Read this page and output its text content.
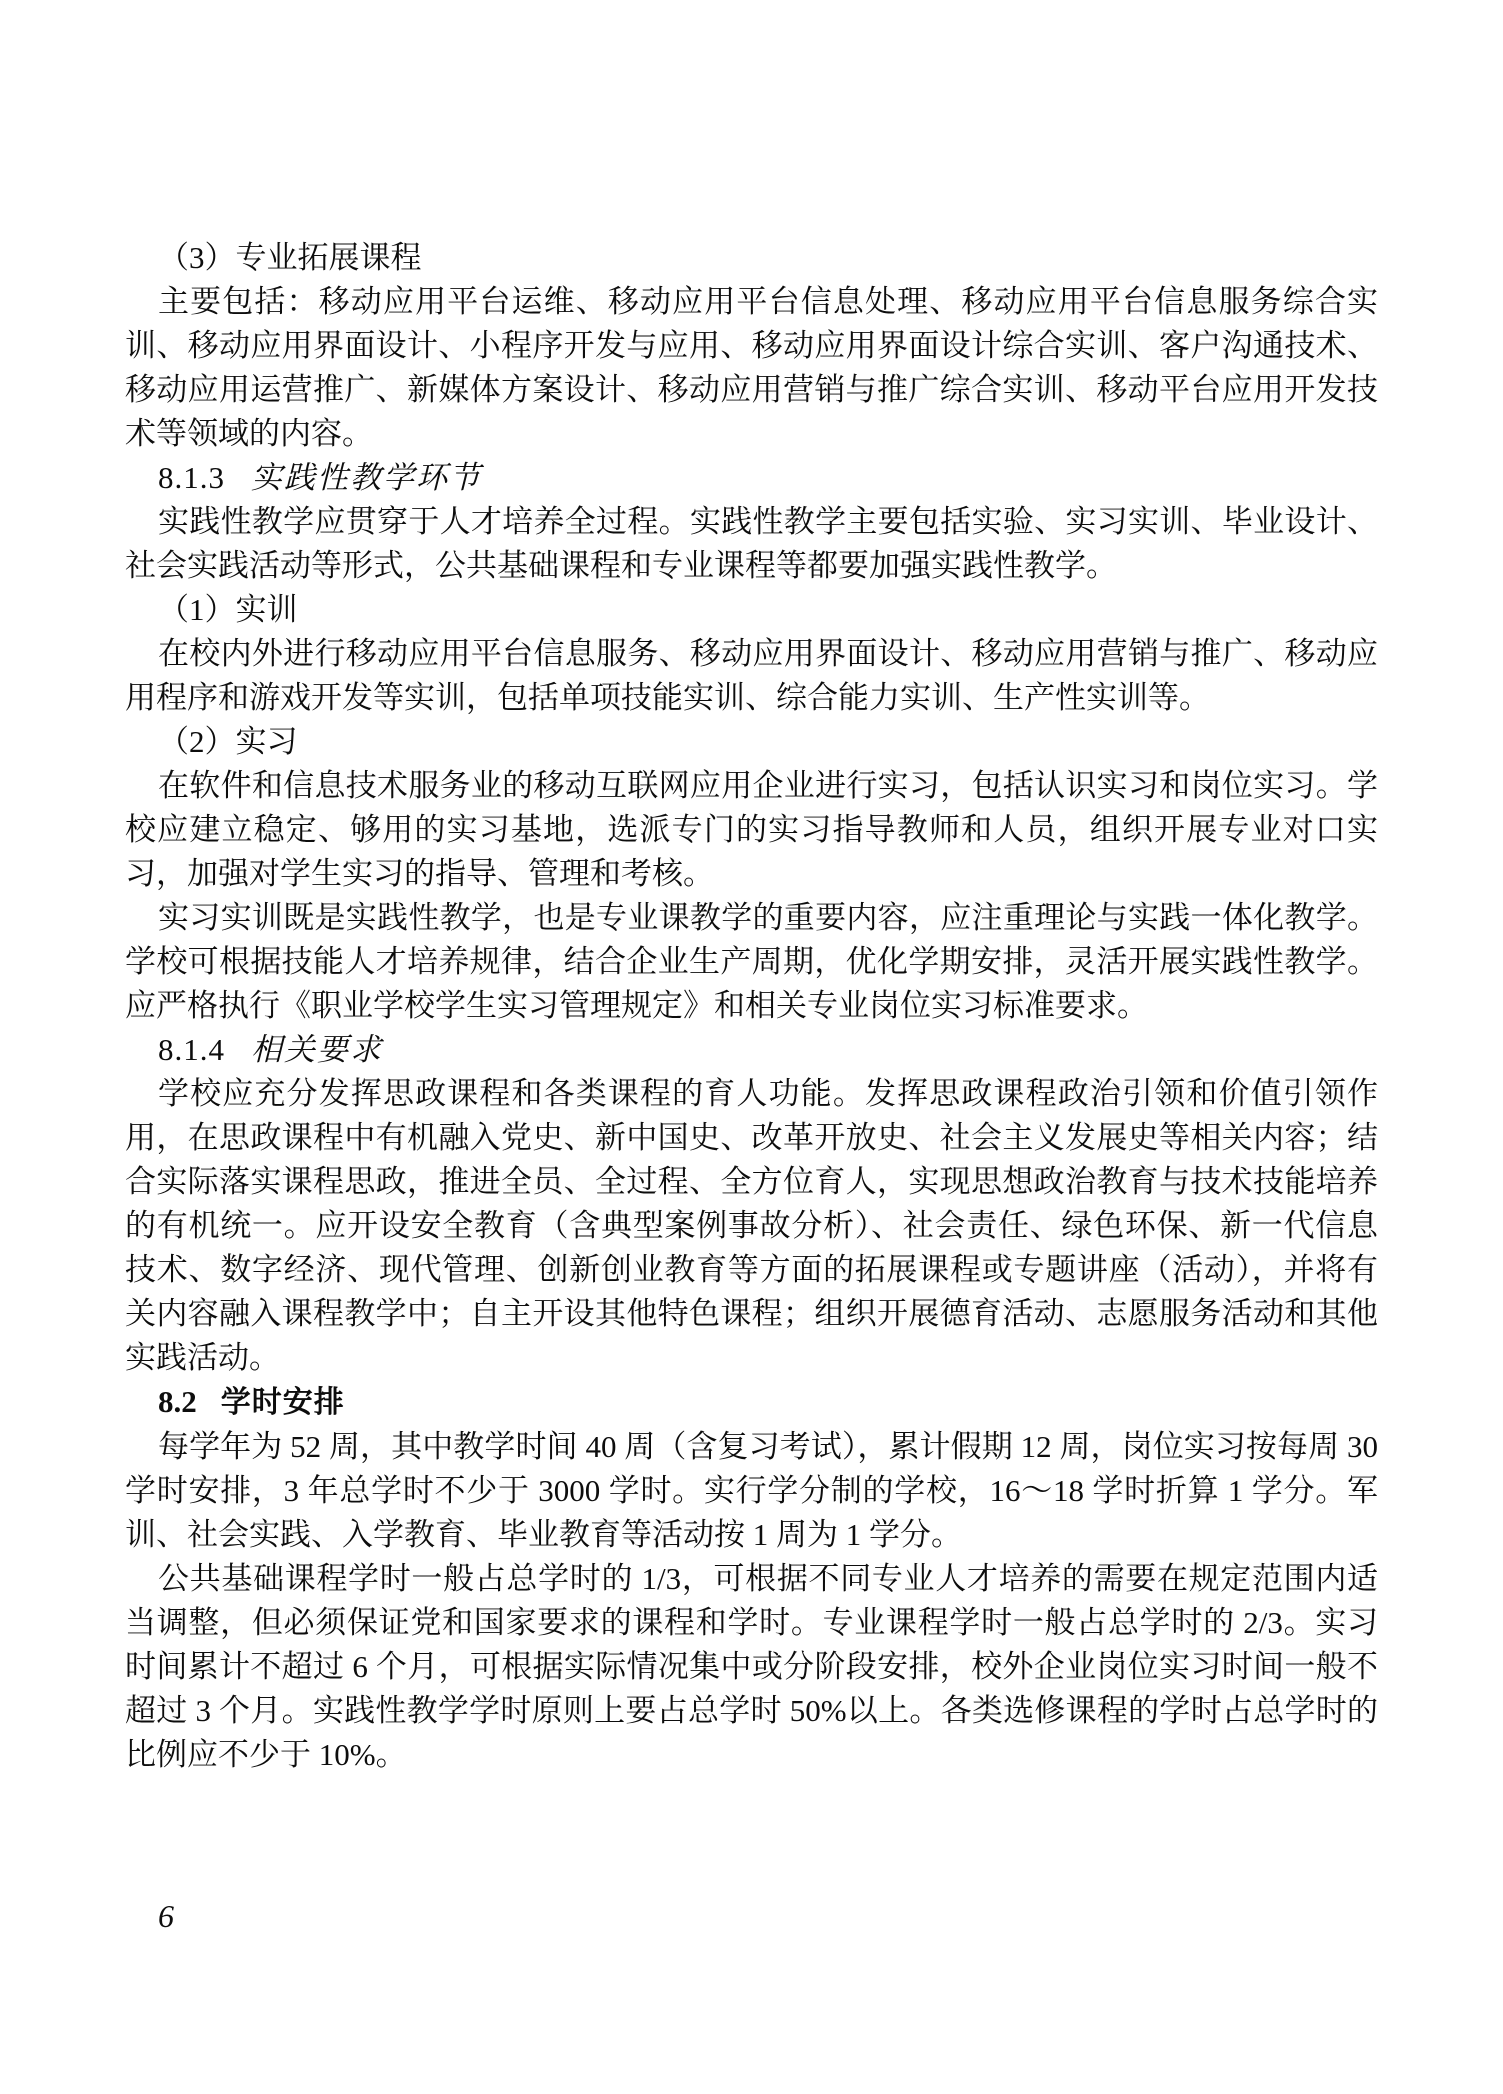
（3）专业拓展课程

主要包括：移动应用平台运维、移动应用平台信息处理、移动应用平台信息服务综合实训、移动应用界面设计、小程序开发与应用、移动应用界面设计综合实训、客户沟通技术、移动应用运营推广、新媒体方案设计、移动应用营销与推广综合实训、移动平台应用开发技术等领域的内容。

8.1.3 实践性教学环节

实践性教学应贯穿于人才培养全过程。实践性教学主要包括实验、实习实训、毕业设计、社会实践活动等形式，公共基础课程和专业课程等都要加强实践性教学。

（1）实训

在校内外进行移动应用平台信息服务、移动应用界面设计、移动应用营销与推广、移动应用程序和游戏开发等实训，包括单项技能实训、综合能力实训、生产性实训等。

（2）实习

在软件和信息技术服务业的移动互联网应用企业进行实习，包括认识实习和岗位实习。学校应建立稳定、够用的实习基地，选派专门的实习指导教师和人员，组织开展专业对口实习，加强对学生实习的指导、管理和考核。

实习实训既是实践性教学，也是专业课教学的重要内容，应注重理论与实践一体化教学。学校可根据技能人才培养规律，结合企业生产周期，优化学期安排，灵活开展实践性教学。应严格执行《职业学校学生实习管理规定》和相关专业岗位实习标准要求。

8.1.4 相关要求

学校应充分发挥思政课程和各类课程的育人功能。发挥思政课程政治引领和价值引领作用，在思政课程中有机融入党史、新中国史、改革开放史、社会主义发展史等相关内容；结合实际落实课程思政，推进全员、全过程、全方位育人，实现思想政治教育与技术技能培养的有机统一。应开设安全教育（含典型案例事故分析）、社会责任、绿色环保、新一代信息技术、数字经济、现代管理、创新创业教育等方面的拓展课程或专题讲座（活动），并将有关内容融入课程教学中；自主开设其他特色课程；组织开展德育活动、志愿服务活动和其他实践活动。

8.2 学时安排

每学年为 52 周，其中教学时间 40 周（含复习考试），累计假期 12 周，岗位实习按每周 30 学时安排，3 年总学时不少于 3000 学时。实行学分制的学校，16～18 学时折算 1 学分。军训、社会实践、入学教育、毕业教育等活动按 1 周为 1 学分。

公共基础课程学时一般占总学时的 1/3，可根据不同专业人才培养的需要在规定范围内适当调整，但必须保证党和国家要求的课程和学时。专业课程学时一般占总学时的 2/3。实习时间累计不超过 6 个月，可根据实际情况集中或分阶段安排，校外企业岗位实习时间一般不超过 3 个月。实践性教学学时原则上要占总学时 50%以上。各类选修课程的学时占总学时的比例应不少于 10%。

6
